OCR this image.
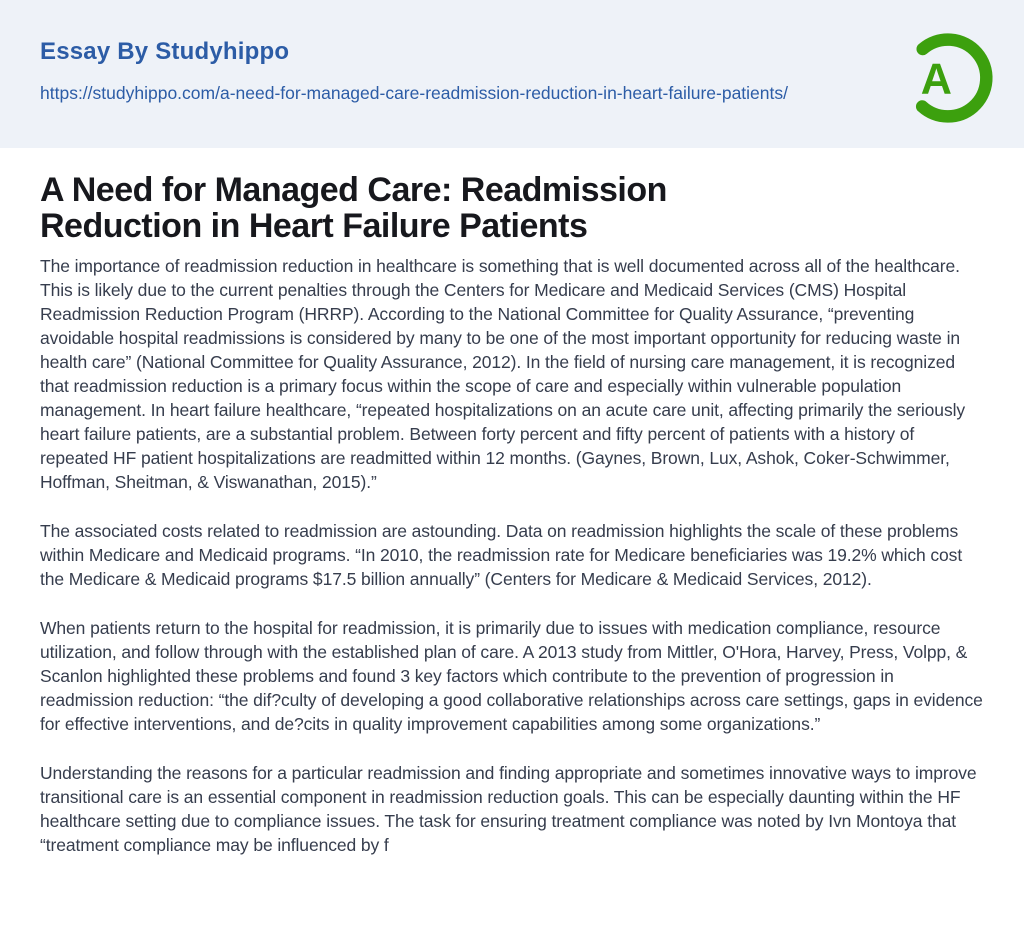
Essay By Studyhippo
https://studyhippo.com/a-need-for-managed-care-readmission-reduction-in-heart-failure-patients/	A
A Need for Managed Care: Readmission
Reduction in Heart Failure Patients

The importance of readmission reduction in healthcare is something that is well documented across all of the healthcare. This is likely due to the current penalties through the Centers for Medicare and Medicaid Services (CMS) Hospital Readmission Reduction Program (HRRP). According to the National Committee for Quality Assurance, “preventing avoidable hospital readmissions is considered by many to be one of the most important opportunity for reducing waste in health care” (National Committee for Quality Assurance, 2012). In the field of nursing care management, it is recognized that readmission reduction is a primary focus within the scope of care and especially within vulnerable population management. In heart failure healthcare, “repeated hospitalizations on an acute care unit, affecting primarily the seriously heart failure patients, are a substantial problem. Between forty percent and fifty percent of patients with a history of repeated HF patient hospitalizations are readmitted within 12 months. (Gaynes, Brown, Lux, Ashok, Coker-Schwimmer, Hoffman, Sheitman, & Viswanathan, 2015).”

The associated costs related to readmission are astounding. Data on readmission highlights the scale of these problems within Medicare and Medicaid programs. “In 2010, the readmission rate for Medicare beneficiaries was 19.2% which cost the Medicare & Medicaid programs $17.5 billion annually” (Centers for Medicare & Medicaid Services, 2012).

When patients return to the hospital for readmission, it is primarily due to issues with medication compliance, resource utilization, and follow through with the established plan of care. A 2013 study from Mittler, O'Hora, Harvey, Press, Volpp, & Scanlon highlighted these problems and found 3 key factors which contribute to the prevention of progression in readmission reduction: “the dif?culty of developing a good collaborative relationships across care settings, gaps in evidence for effective interventions, and de?cits in quality improvement capabilities among some organizations.”

Understanding the reasons for a particular readmission and finding appropriate and sometimes innovative ways to improve transitional care is an essential component in readmission reduction goals. This can be especially daunting within the HF healthcare setting due to compliance issues. The task for ensuring treatment compliance was noted by Ivn Montoya that “treatment compliance may be influenced by f
